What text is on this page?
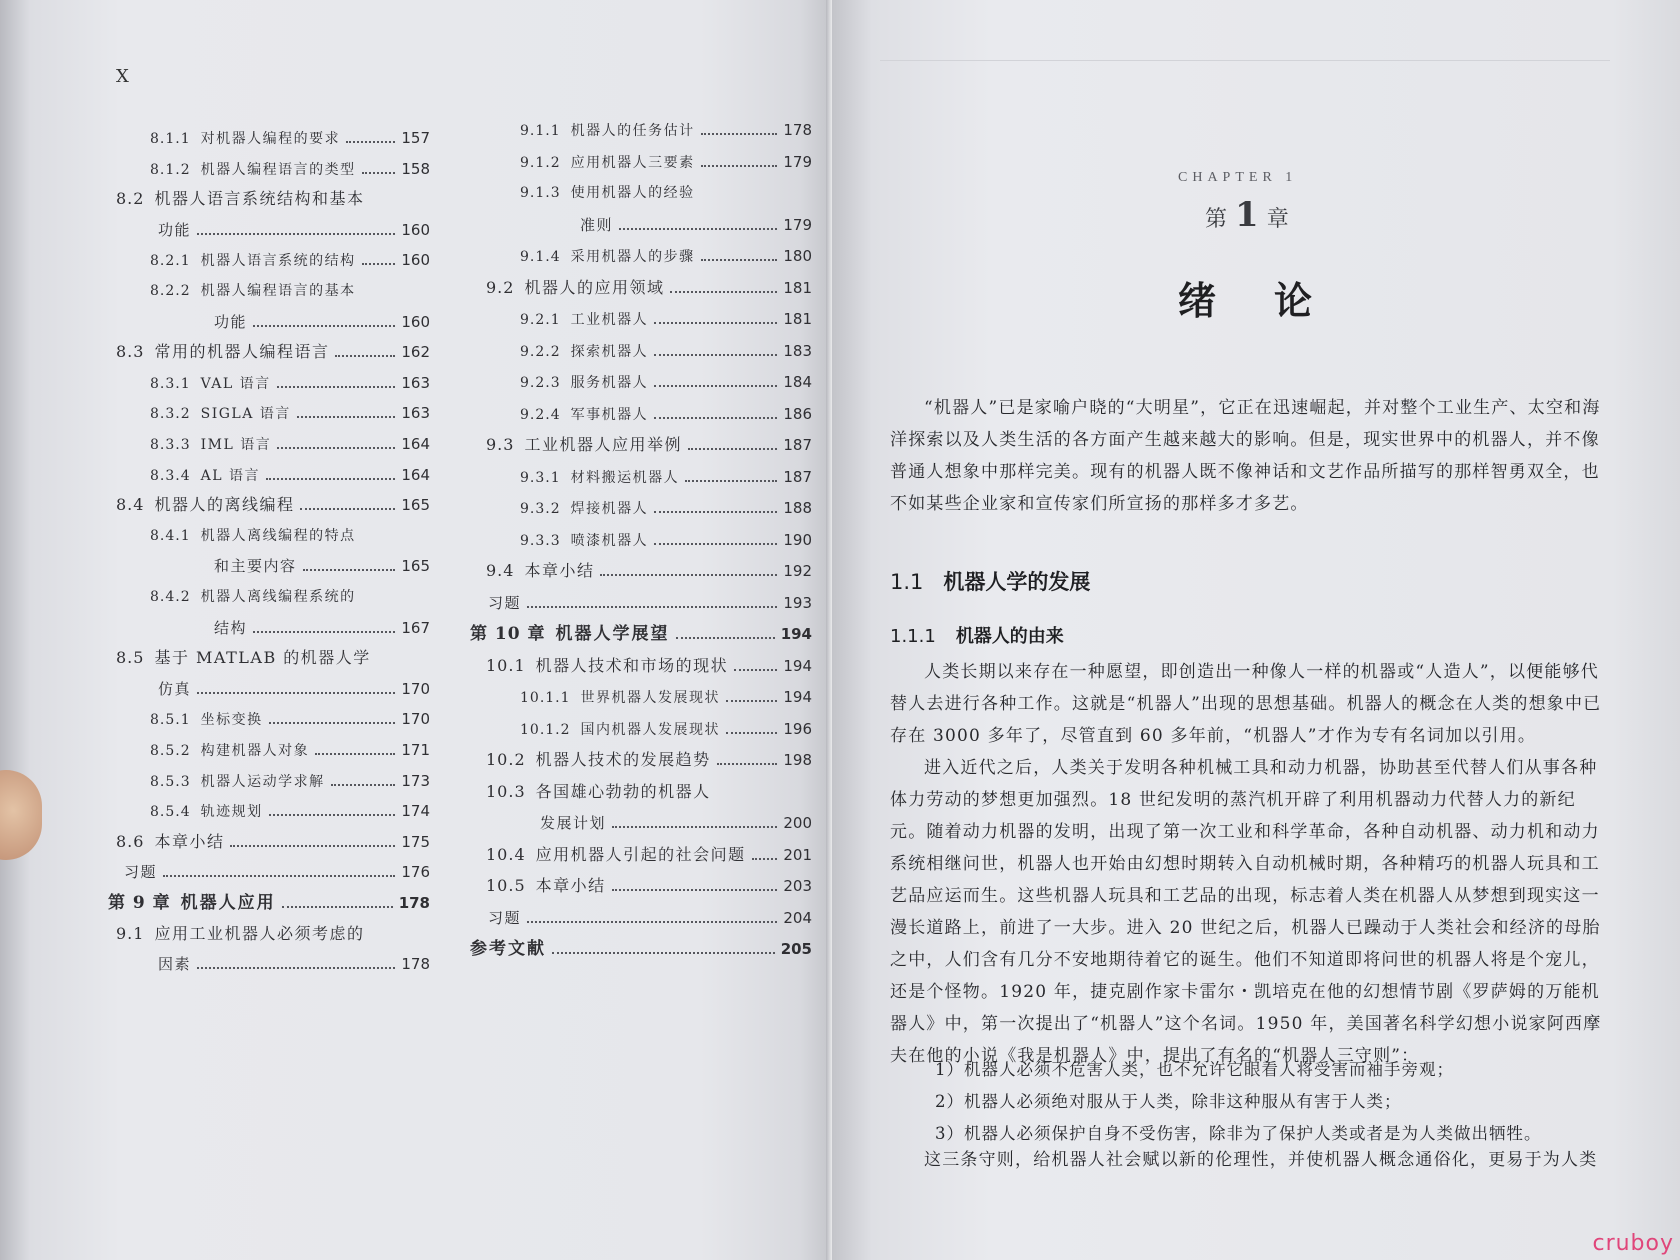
X
8.1.1 对机器人编程的要求	157
8.1.2 机器人编程语言的类型	158
8.2 机器人语言系统结构和基本
功能	160
8.2.1 机器人语言系统的结构	160
8.2.2 机器人编程语言的基本
功能	160
8.3 常用的机器人编程语言	162
8.3.1 VAL 语言	163
8.3.2 SIGLA 语言	163
8.3.3 IML 语言	164
8.3.4 AL 语言	164
8.4 机器人的离线编程	165
8.4.1 机器人离线编程的特点
和主要内容	165
8.4.2 机器人离线编程系统的
结构	167
8.5 基于 MATLAB 的机器人学
仿真	170
8.5.1 坐标变换	170
8.5.2 构建机器人对象	171
8.5.3 机器人运动学求解	173
8.5.4 轨迹规划	174
8.6 本章小结	175
习题	176
第 9 章 机器人应用	178
9.1 应用工业机器人必须考虑的
因素	178
9.1.1 机器人的任务估计	178
9.1.2 应用机器人三要素	179
9.1.3 使用机器人的经验
准则	179
9.1.4 采用机器人的步骤	180
9.2 机器人的应用领域	181
9.2.1 工业机器人	181
9.2.2 探索机器人	183
9.2.3 服务机器人	184
9.2.4 军事机器人	186
9.3 工业机器人应用举例	187
9.3.1 材料搬运机器人	187
9.3.2 焊接机器人	188
9.3.3 喷漆机器人	190
9.4 本章小结	192
习题	193
第 10 章 机器人学展望	194
10.1 机器人技术和市场的现状	194
10.1.1 世界机器人发展现状	194
10.1.2 国内机器人发展现状	196
10.2 机器人技术的发展趋势	198
10.3 各国雄心勃勃的机器人
发展计划	200
10.4 应用机器人引起的社会问题	201
10.5 本章小结	203
习题	204
参考文献	205
CHAPTER 1
第 1 章
绪论
“机器人”已是家喻户晓的“大明星”，它正在迅速崛起，并对整个工业生产、太空和海洋探索以及人类生活的各方面产生越来越大的影响。但是，现实世界中的机器人，并不像普通人想象中那样完美。现有的机器人既不像神话和文艺作品所描写的那样智勇双全，也不如某些企业家和宣传家们所宣扬的那样多才多艺。
1.1 机器人学的发展
1.1.1 机器人的由来
人类长期以来存在一种愿望，即创造出一种像人一样的机器或“人造人”，以便能够代替人去进行各种工作。这就是“机器人”出现的思想基础。机器人的概念在人类的想象中已存在 3000 多年了，尽管直到 60 多年前，“机器人”才作为专有名词加以引用。
进入近代之后，人类关于发明各种机械工具和动力机器，协助甚至代替人们从事各种体力劳动的梦想更加强烈。18 世纪发明的蒸汽机开辟了利用机器动力代替人力的新纪元。随着动力机器的发明，出现了第一次工业和科学革命，各种自动机器、动力机和动力系统相继问世，机器人也开始由幻想时期转入自动机械时期，各种精巧的机器人玩具和工艺品应运而生。这些机器人玩具和工艺品的出现，标志着人类在机器人从梦想到现实这一漫长道路上，前进了一大步。进入 20 世纪之后，机器人已躁动于人类社会和经济的母胎之中，人们含有几分不安地期待着它的诞生。他们不知道即将问世的机器人将是个宠儿，还是个怪物。1920 年，捷克剧作家卡雷尔・凯培克在他的幻想情节剧《罗萨姆的万能机器人》中，第一次提出了“机器人”这个名词。1950 年，美国著名科学幻想小说家阿西摩夫在他的小说《我是机器人》中，提出了有名的“机器人三守则”：
1）机器人必须不危害人类，也不允许它眼看人将受害而袖手旁观；
2）机器人必须绝对服从于人类，除非这种服从有害于人类；
3）机器人必须保护自身不受伤害，除非为了保护人类或者是为人类做出牺牲。
这三条守则，给机器人社会赋以新的伦理性，并使机器人概念通俗化，更易于为人类
cruboy
